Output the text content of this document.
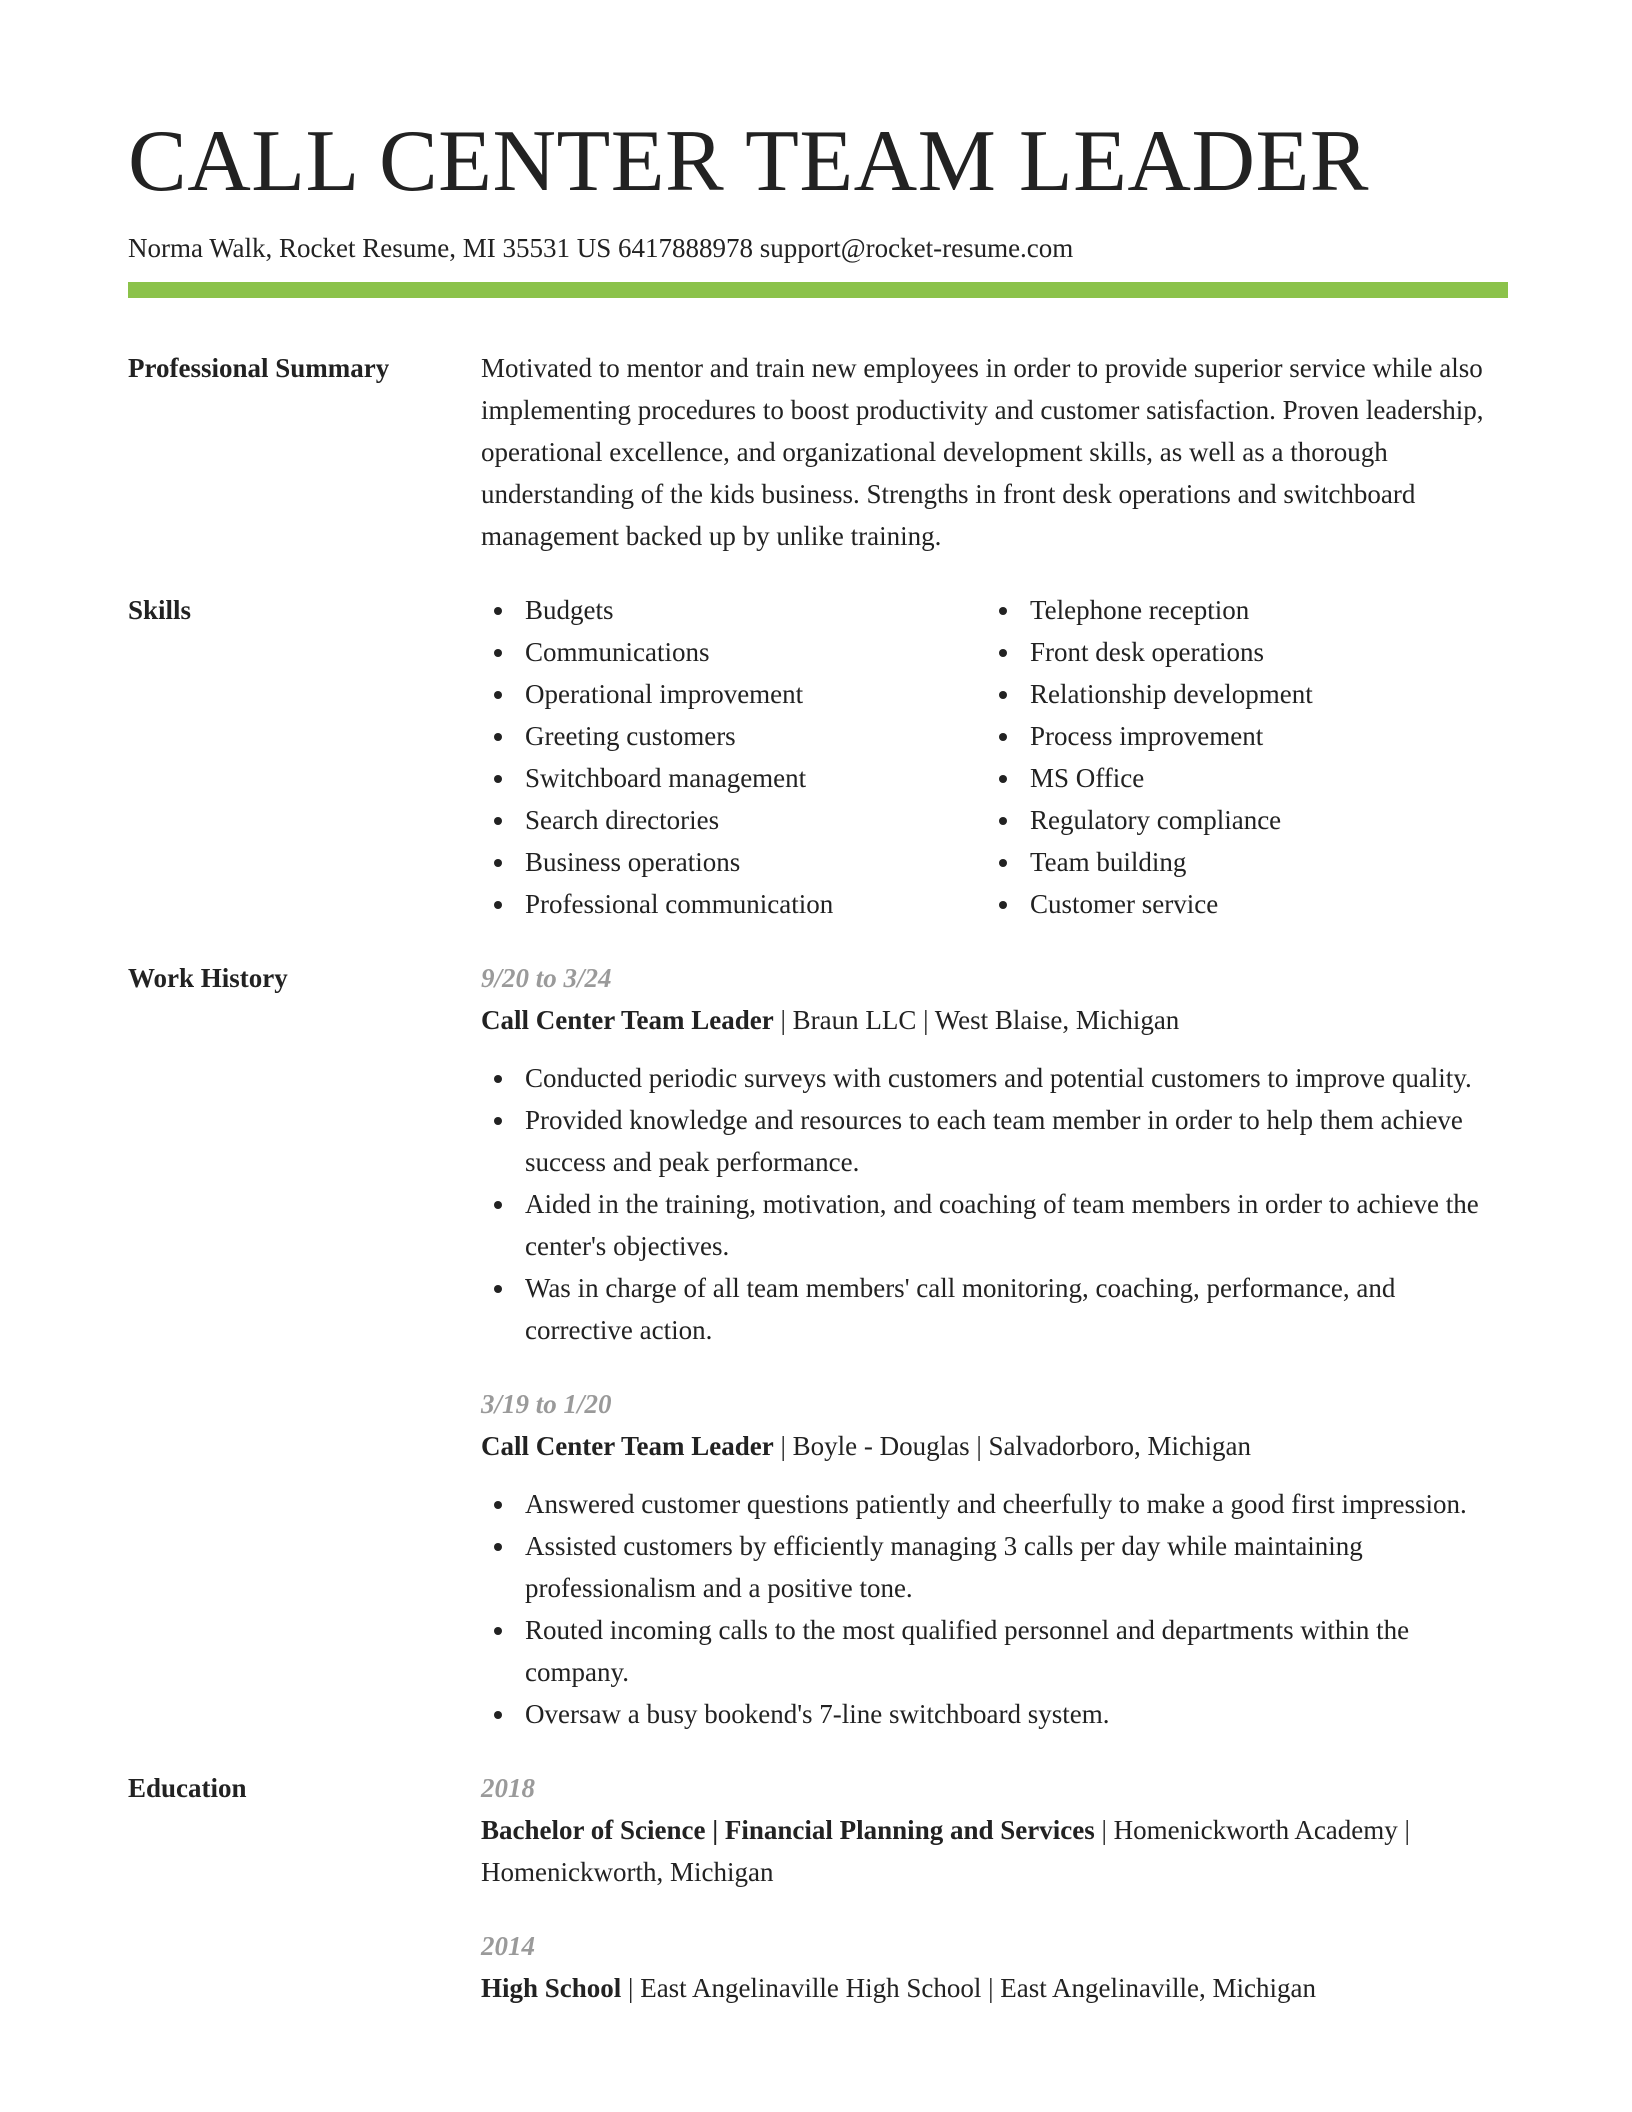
CALL CENTER TEAM LEADER
Norma Walk, Rocket Resume, MI 35531 US 6417888978 support@rocket-resume.com
Professional Summary	Motivated to mentor and train new employees in order to provide superior service while also implementing procedures to boost productivity and customer satisfaction. Proven leadership, operational excellence, and organizational development skills, as well as a thorough understanding of the kids business. Strengths in front desk operations and switchboard management backed up by unlike training.
Skills	Budgets
Communications
Operational improvement
Greeting customers
Switchboard management
Search directories
Business operations
Professional communication
Telephone reception
Front desk operations
Relationship development
Process improvement
MS Office
Regulatory compliance
Team building
Customer service
Work History	9/20 to 3/24
Call Center Team Leader | Braun LLC | West Blaise, Michigan
Conducted periodic surveys with customers and potential customers to improve quality.
Provided knowledge and resources to each team member in order to help them achieve success and peak performance.
Aided in the training, motivation, and coaching of team members in order to achieve the center's objectives.
Was in charge of all team members' call monitoring, coaching, performance, and corrective action.
3/19 to 1/20
Call Center Team Leader | Boyle - Douglas | Salvadorboro, Michigan
Answered customer questions patiently and cheerfully to make a good first impression.
Assisted customers by efficiently managing 3 calls per day while maintaining professionalism and a positive tone.
Routed incoming calls to the most qualified personnel and departments within the company.
Oversaw a busy bookend's 7-line switchboard system.
Education	2018
Bachelor of Science | Financial Planning and Services | Homenickworth Academy | Homenickworth, Michigan
2014
High School | East Angelinaville High School | East Angelinaville, Michigan
